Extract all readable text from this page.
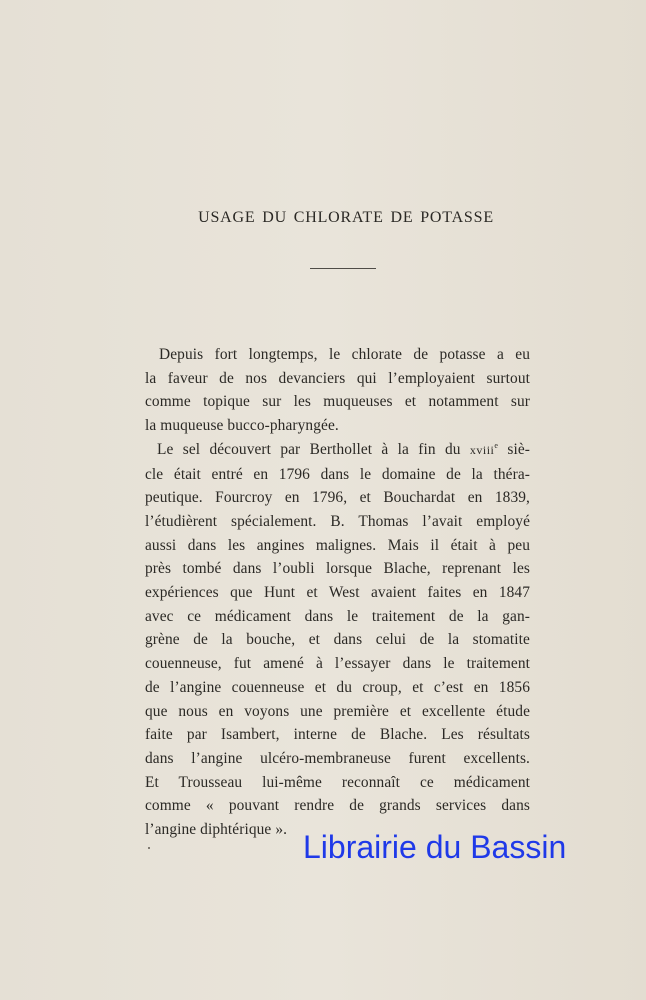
USAGE DU CHLORATE DE POTASSE

Depuis fort longtemps, le chlorate de potasse a eu
la faveur de nos devanciers qui l’employaient surtout
comme topique sur les muqueuses et notamment sur
la muqueuse bucco-pharyngée.

Le sel découvert par Berthollet à la fin du xviii$^e$ siè-
cle était entré en 1796 dans le domaine de la théra-
peutique. Fourcroy en 1796, et Bouchardat en 1839,
l’étudièrent spécialement. B. Thomas l’avait employé
aussi dans les angines malignes. Mais il était à peu
près tombé dans l’oubli lorsque Blache, reprenant les
expériences que Hunt et West avaient faites en 1847
avec ce médicament dans le traitement de la gan-
grène de la bouche, et dans celui de la stomatite
couenneuse, fut amené à l’essayer dans le traitement
de l’angine couenneuse et du croup, et c’est en 1856
que nous en voyons une première et excellente étude
faite par Isambert, interne de Blache. Les résultats
dans l’angine ulcéro-membraneuse furent excellents.
Et Trousseau lui-même reconnaît ce médicament
comme « pouvant rendre de grands services dans
l’angine diphtérique ». Librairie du Bassin
